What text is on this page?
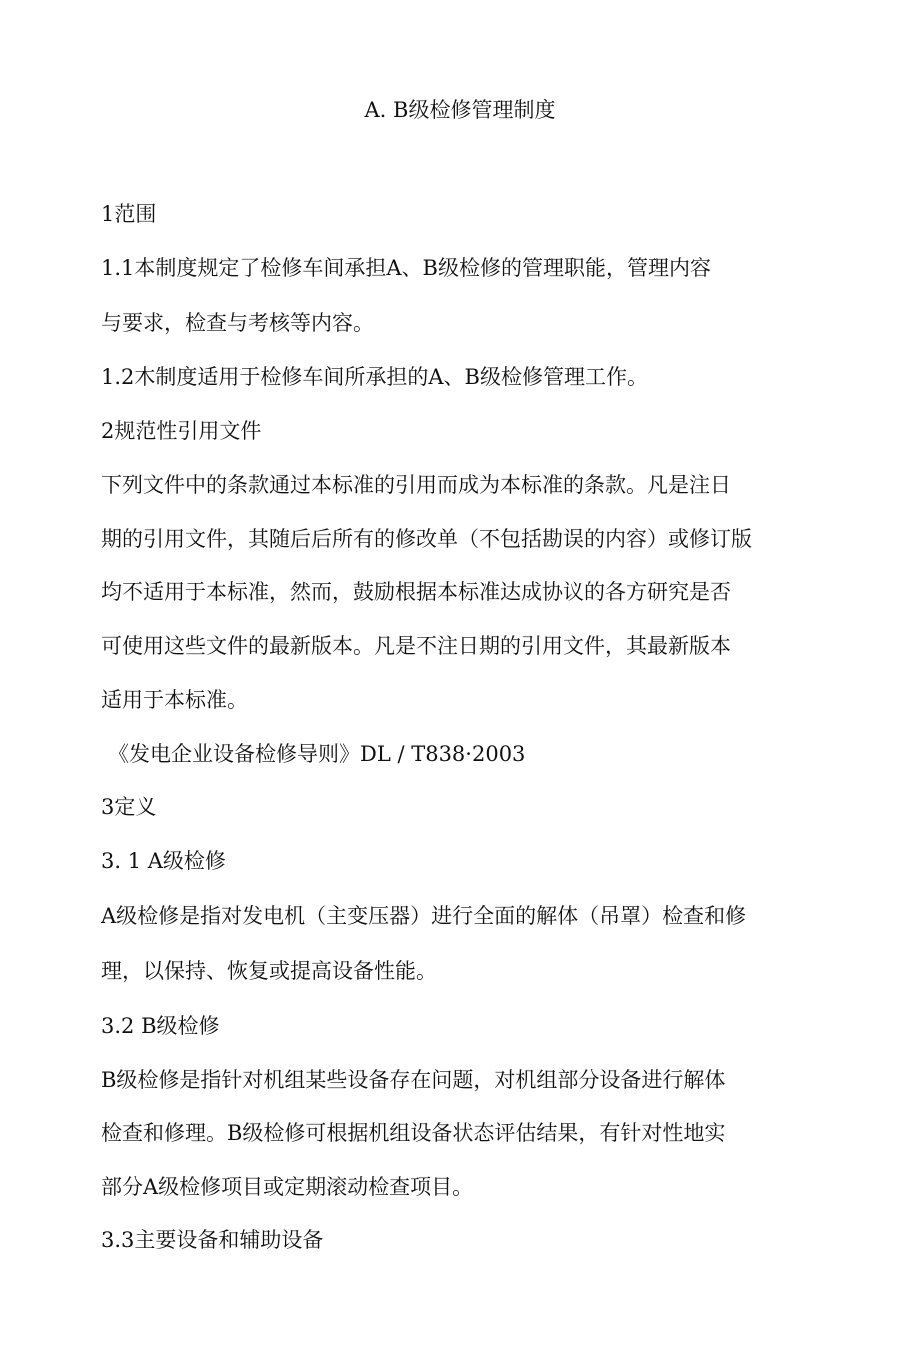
A. B级检修管理制度

1范围

1.1本制度规定了检修车间承担A、B级检修的管理职能，管理内容

与要求，检查与考核等内容。

1.2木制度适用于检修车间所承担的A、B级检修管理工作。

2规范性引用文件

下列文件中的条款通过本标准的引用而成为本标准的条款。凡是注日

期的引用文件，其随后后所有的修改单（不包括勘误的内容）或修订版

均不适用于本标准，然而，鼓励根据本标准达成协议的各方研究是否

可使用这些文件的最新版本。凡是不注日期的引用文件，其最新版本

适用于本标准。

《发电企业设备检修导则》DL / T838·2003

3定义

3. 1 A级检修

A级检修是指对发电机（主变压器）进行全面的解体（吊罩）检查和修

理，以保持、恢复或提高设备性能。

3.2 B级检修

B级检修是指针对机组某些设备存在问题，对机组部分设备进行解体

检查和修理。B级检修可根据机组设备状态评估结果，有针对性地实

部分A级检修项目或定期滚动检查项目。

3.3主要设备和辅助设备
